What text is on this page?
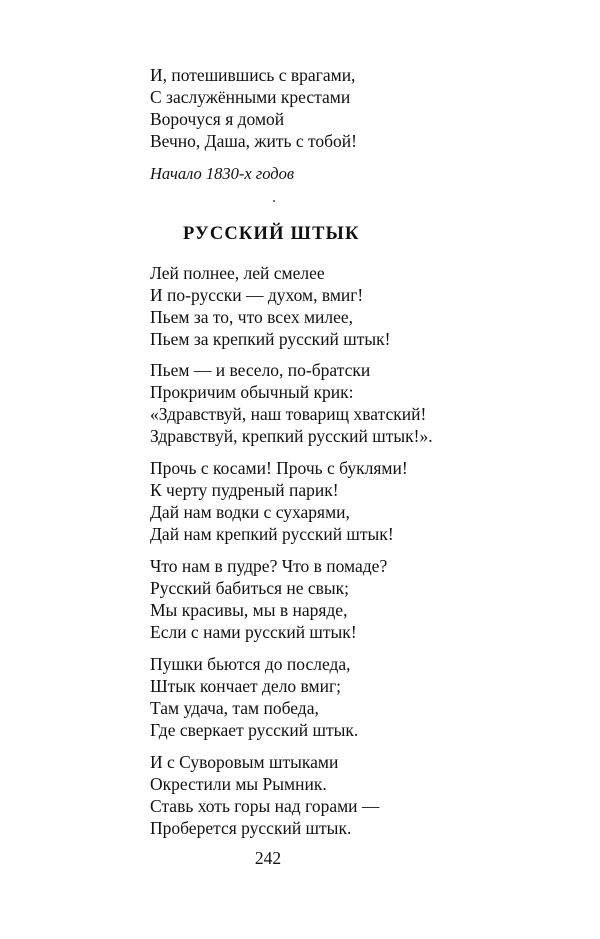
И, потешившись с врагами,
С заслужёнными крестами
Ворочуся я домой
Вечно, Даша, жить с тобой!
Начало 1830-х годов
РУССКИЙ ШТЫК
Лей полнее, лей смелее
И по-русски — духом, вмиг!
Пьем за то, что всех милее,
Пьем за крепкий русский штык!
Пьем — и весело, по-братски
Прокричим обычный крик:
«Здравствуй, наш товарищ хватский!
Здравствуй, крепкий русский штык!».
Прочь с косами! Прочь с буклями!
К черту пудреный парик!
Дай нам водки с сухарями,
Дай нам крепкий русский штык!
Что нам в пудре? Что в помаде?
Русский бабиться не свык;
Мы красивы, мы в наряде,
Если с нами русский штык!
Пушки бьются до последа,
Штык кончает дело вмиг;
Там удача, там победа,
Где сверкает русский штык.
И с Суворовым штыками
Окрестили мы Рымник.
Ставь хоть горы над горами —
Проберется русский штык.
242
